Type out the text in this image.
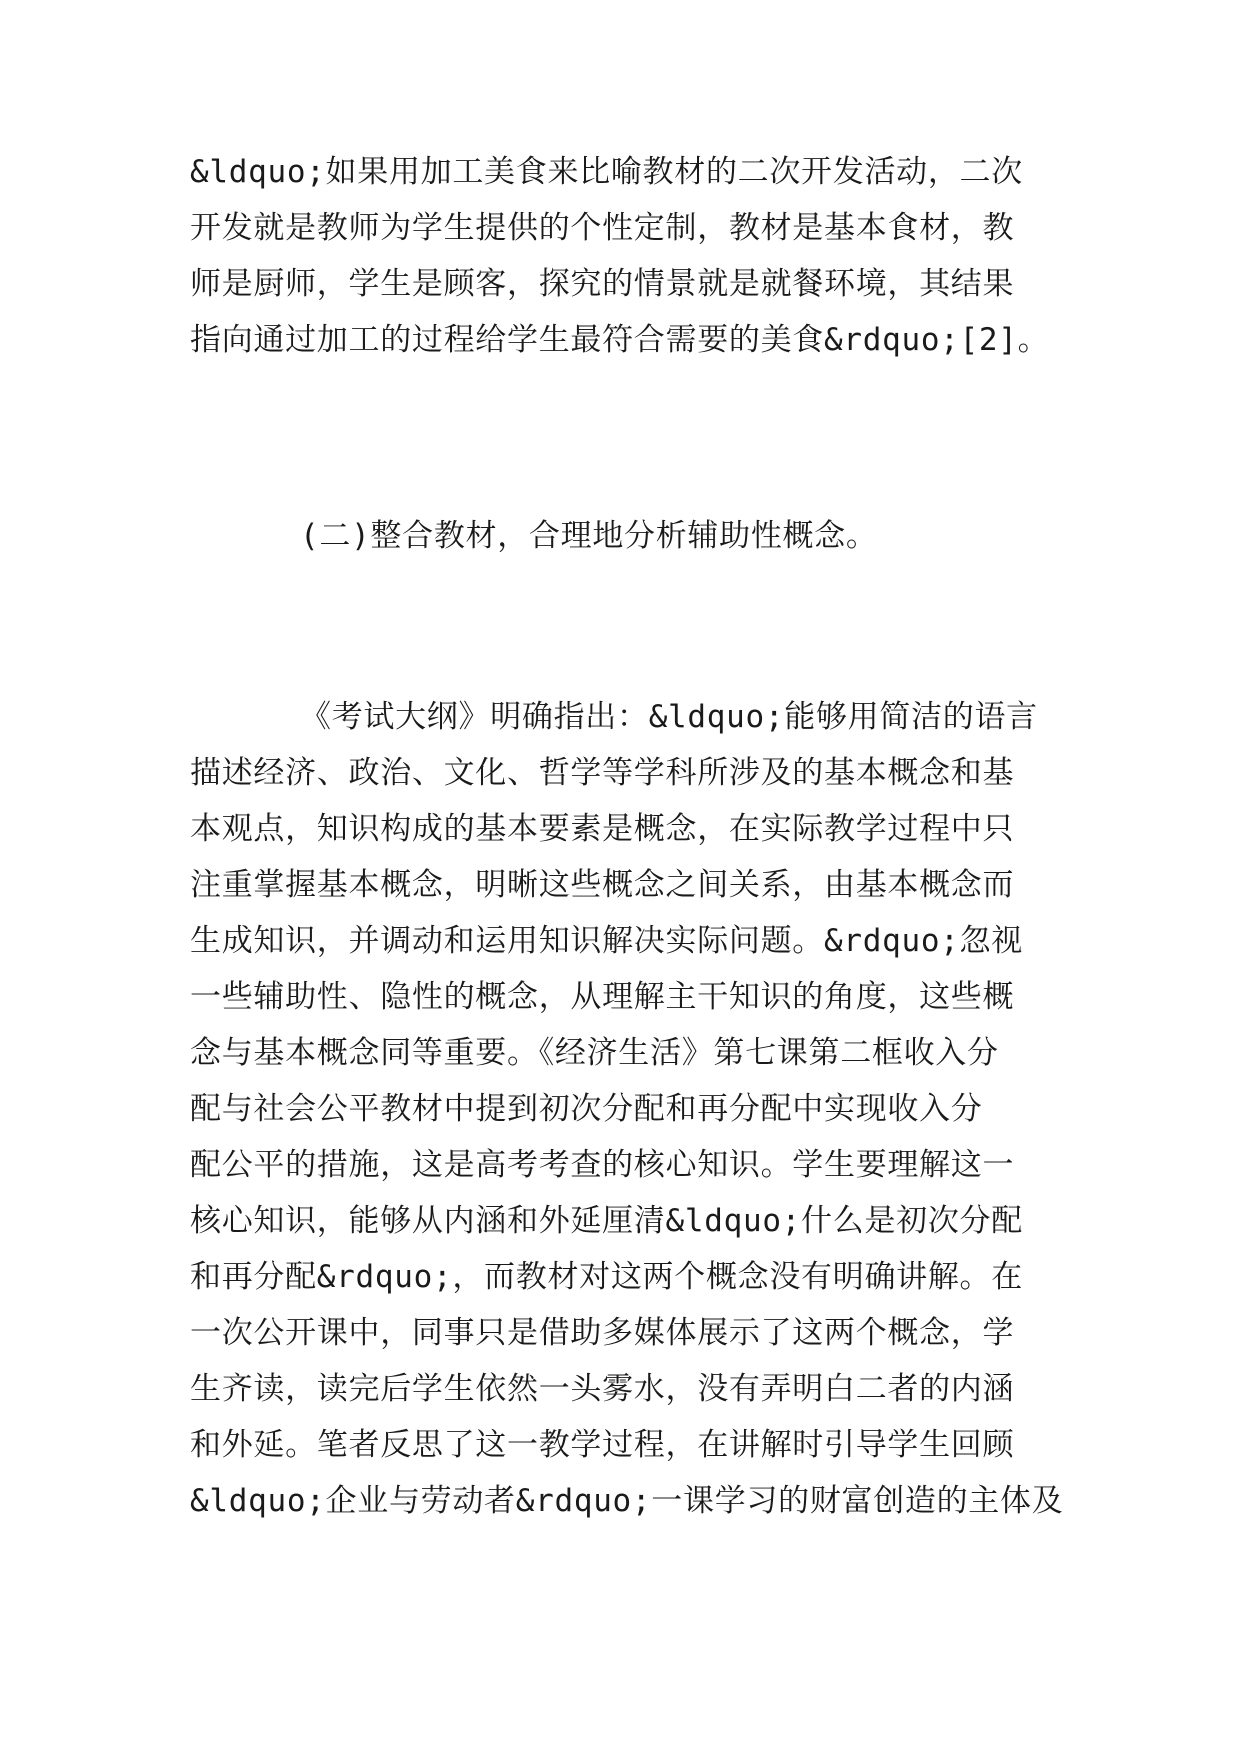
&ldquo;如果用加工美食来比喻教材的二次开发活动，二次
开发就是教师为学生提供的个性定制，教材是基本食材，教
师是厨师，学生是顾客，探究的情景就是就餐环境，其结果
指向通过加工的过程给学生最符合需要的美食&rdquo;[2]。
(二)整合教材，合理地分析辅助性概念。
《考试大纲》明确指出：&ldquo;能够用简洁的语言
描述经济、政治、文化、哲学等学科所涉及的基本概念和基
本观点，知识构成的基本要素是概念，在实际教学过程中只
注重掌握基本概念，明晰这些概念之间关系，由基本概念而
生成知识，并调动和运用知识解决实际问题。&rdquo;忽视
一些辅助性、隐性的概念，从理解主干知识的角度，这些概
念与基本概念同等重要。《经济生活》第七课第二框收入分
配与社会公平教材中提到初次分配和再分配中实现收入分
配公平的措施，这是高考考查的核心知识。学生要理解这一
核心知识，能够从内涵和外延厘清&ldquo;什么是初次分配
和再分配&rdquo;，而教材对这两个概念没有明确讲解。在
一次公开课中，同事只是借助多媒体展示了这两个概念，学
生齐读，读完后学生依然一头雾水，没有弄明白二者的内涵
和外延。笔者反思了这一教学过程，在讲解时引导学生回顾
&ldquo;企业与劳动者&rdquo;一课学习的财富创造的主体及
